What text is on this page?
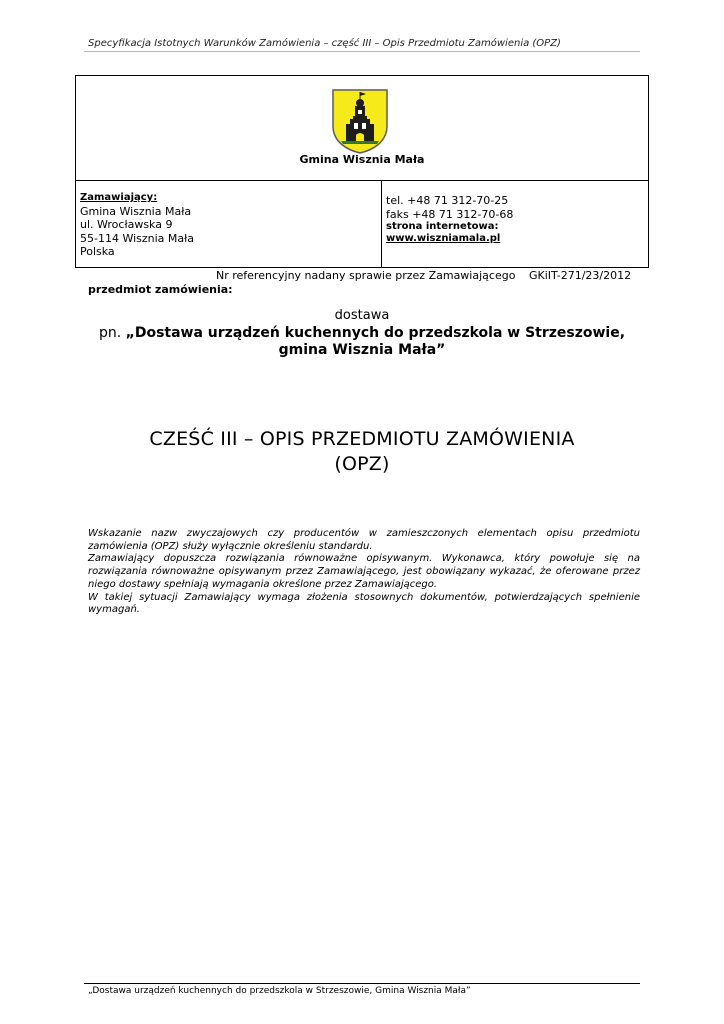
Specyfikacja Istotnych Warunków Zamówienia – część III – Opis Przedmiotu Zamówienia (OPZ)
Gmina Wisznia Mała
Zamawiający:
Gmina Wisznia Mała
ul. Wrocławska 9
55-114 Wisznia Mała
Polska
tel. +48 71 312-70-25
faks +48 71 312-70-68
strona internetowa:
www.wiszniamala.pl
Nr referencyjny nadany sprawie przez Zamawiającego GKiIT-271/23/2012
przedmiot zamówienia:
dostawa
pn. „Dostawa urządzeń kuchennych do przedszkola w Strzeszowie,
gmina Wisznia Mała”
CZEŚĆ III – OPIS PRZEDMIOTU ZAMÓWIENIA
(OPZ)

Wskazanie nazw zwyczajowych czy producentów w zamieszczonych elementach opisu przedmiotu zamówienia (OPZ) służy wyłącznie określeniu standardu.

Zamawiający dopuszcza rozwiązania równoważne opisywanym. Wykonawca, który powołuje się na rozwiązania równoważne opisywanym przez Zamawiającego, jest obowiązany wykazać, że oferowane przez niego dostawy spełniają wymagania określone przez Zamawiającego.

W takiej sytuacji Zamawiający wymaga złożenia stosownych dokumentów, potwierdzających spełnienie wymagań.

„Dostawa urządzeń kuchennych do przedszkola w Strzeszowie, Gmina Wisznia Mała”
